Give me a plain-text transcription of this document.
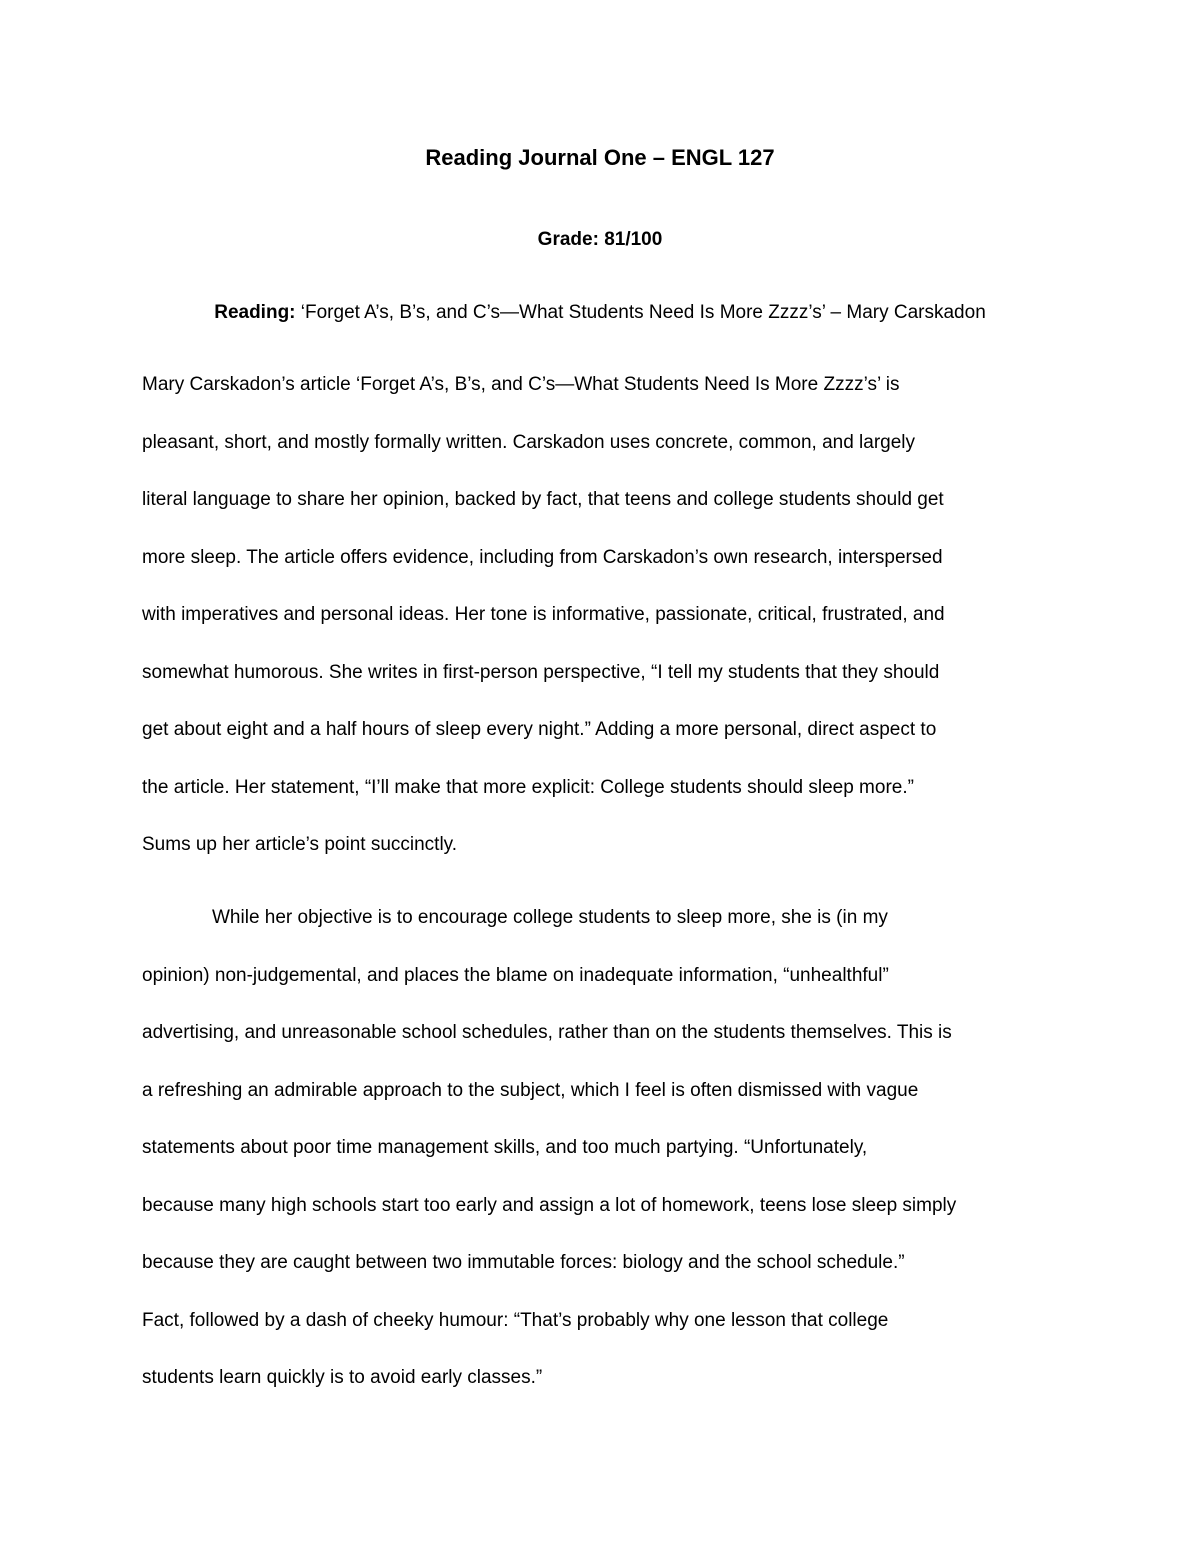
Reading Journal One – ENGL 127

Grade: 81/100

Reading: ‘Forget A’s, B’s, and C’s—What Students Need Is More Zzzz’s’ – Mary Carskadon

Mary Carskadon’s article ‘Forget A’s, B’s, and C’s—What Students Need Is More Zzzz’s’ is
pleasant, short, and mostly formally written. Carskadon uses concrete, common, and largely
literal language to share her opinion, backed by fact, that teens and college students should get
more sleep. The article offers evidence, including from Carskadon’s own research, interspersed
with imperatives and personal ideas. Her tone is informative, passionate, critical, frustrated, and
somewhat humorous. She writes in first-person perspective, “I tell my students that they should
get about eight and a half hours of sleep every night.” Adding a more personal, direct aspect to
the article. Her statement, “I’ll make that more explicit: College students should sleep more.”
Sums up her article’s point succinctly.
While her objective is to encourage college students to sleep more, she is (in my
opinion) non-judgemental, and places the blame on inadequate information, “unhealthful”
advertising, and unreasonable school schedules, rather than on the students themselves. This is
a refreshing an admirable approach to the subject, which I feel is often dismissed with vague
statements about poor time management skills, and too much partying. “Unfortunately,
because many high schools start too early and assign a lot of homework, teens lose sleep simply
because they are caught between two immutable forces: biology and the school schedule.”
Fact, followed by a dash of cheeky humour: “That’s probably why one lesson that college
students learn quickly is to avoid early classes.”
